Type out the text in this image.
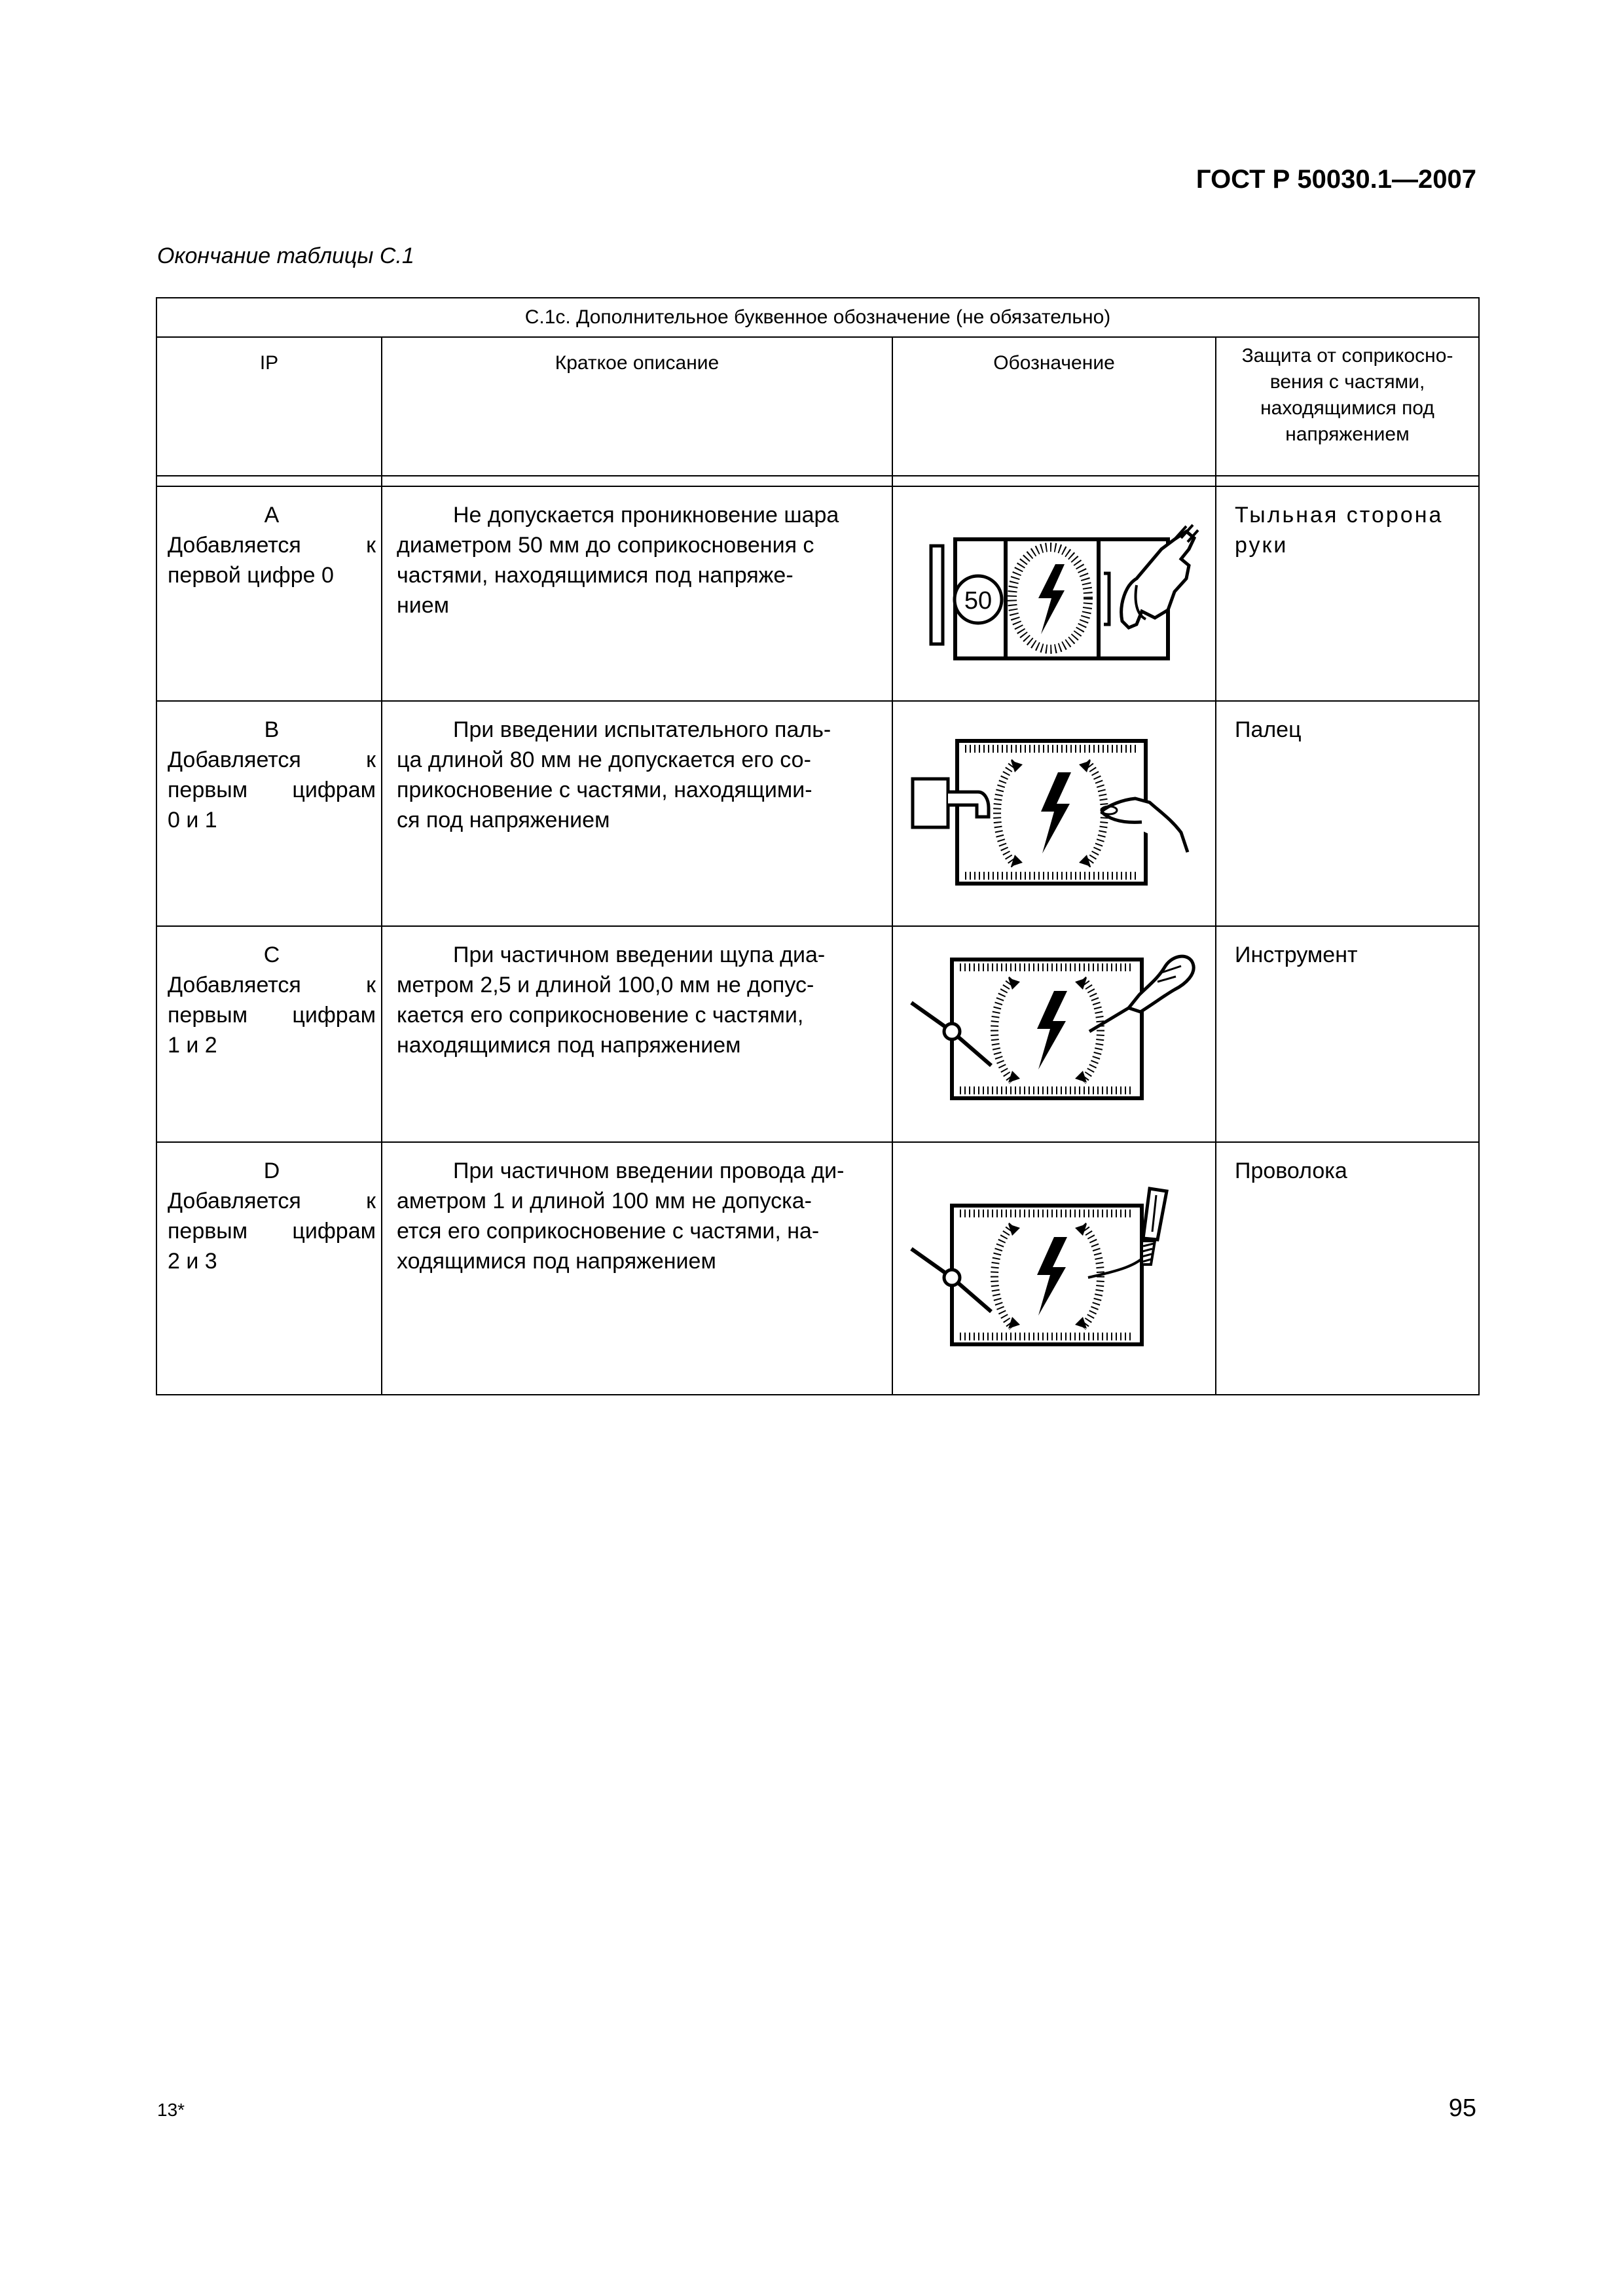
ГОСТ Р 50030.1—2007
Окончание таблицы С.1
С.1с. Дополнительное буквенное обозначение (не обязательно)			
IP	Краткое описание	Обозначение	Защита от соприкосно-
вения с частями,
находящимися под
напряжением

A
Добавляется к
первой цифре 0	Не допускается проникновение шара
диаметром 50 мм до соприкосновения с
частями, находящимися под напряже-
нием	50	Тыльная сторона руки

B
Добавляется к
первым цифрам
0 и 1	При введении испытательного паль-
ца длиной 80 мм не допускается его со-
прикосновение с частями, находящими-
ся под напряжением		Палец

C
Добавляется к
первым цифрам
1 и 2	При частичном введении щупа диа-
метром 2,5 и длиной 100,0 мм не допус-
кается его соприкосновение с частями,
находящимися под напряжением		Инструмент

D
Добавляется к
первым цифрам
2 и 3	При частичном введении провода ди-
аметром 1 и длиной 100 мм не допуска-
ется его соприкосновение с частями, на-
ходящимися под напряжением		Проволока
13*	95
